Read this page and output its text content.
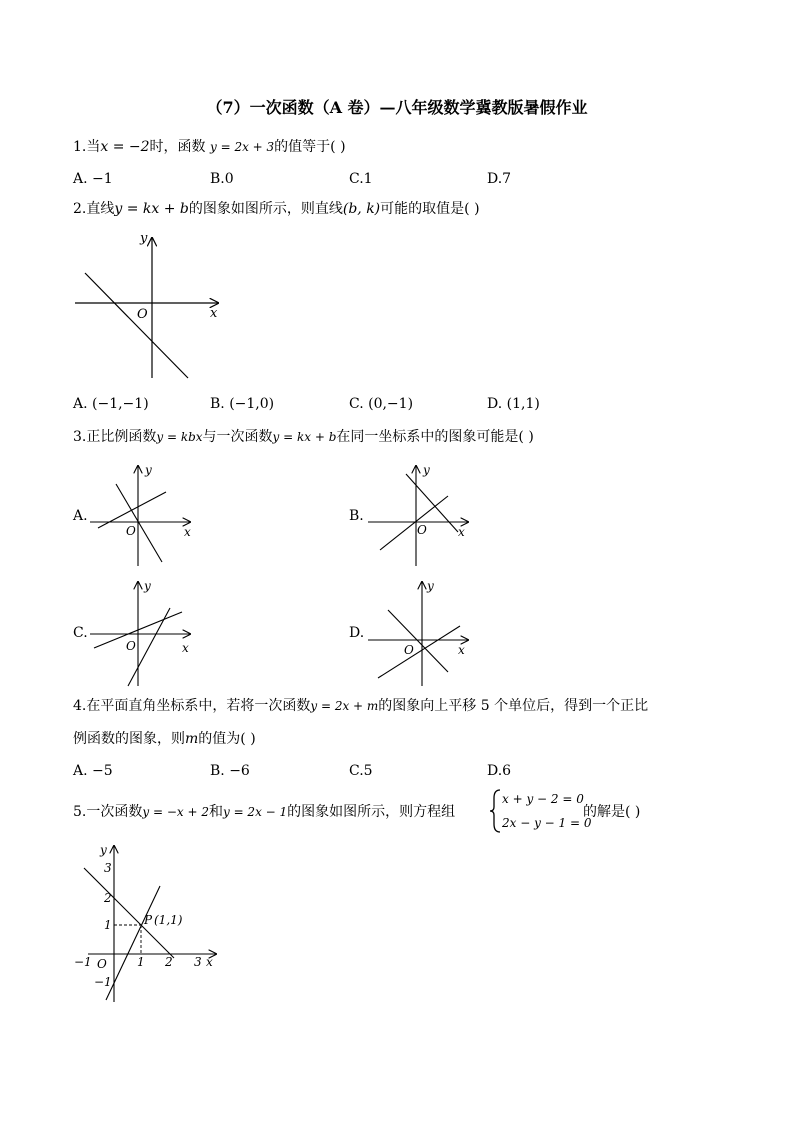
（7）一次函数（A 卷）—八年级数学冀教版暑假作业
1.当x = −2时，函数 y = 2x + 3的值等于( )
A. −1	B.0	C.1	D.7
2.直线y = kx + b的图象如图所示，则直线(b, k)可能的取值是( )
y
x
O
A. (−1,−1)	B. (−1,0)	C. (0,−1)	D. (1,1)
3.正比例函数y = kbx与一次函数y = kx + b在同一坐标系中的图象可能是( )
A.
y
x
O
B.
y
x
O
C.
y
x
O
D.
y
x
O
4.在平面直角坐标系中，若将一次函数y = 2x + m的图象向上平移 5 个单位后，得到一个正比
例函数的图象，则m的值为( )
A. −5	B. −6	C.5	D.6
5.一次函数y = −x + 2和y = 2x − 1的图象如图所示，则方程组
x + y − 2 = 0
2x − y − 1 = 0
的解是( )
y
x
O
P (1,1)
−1	1 2 3
3
2
1
−1
